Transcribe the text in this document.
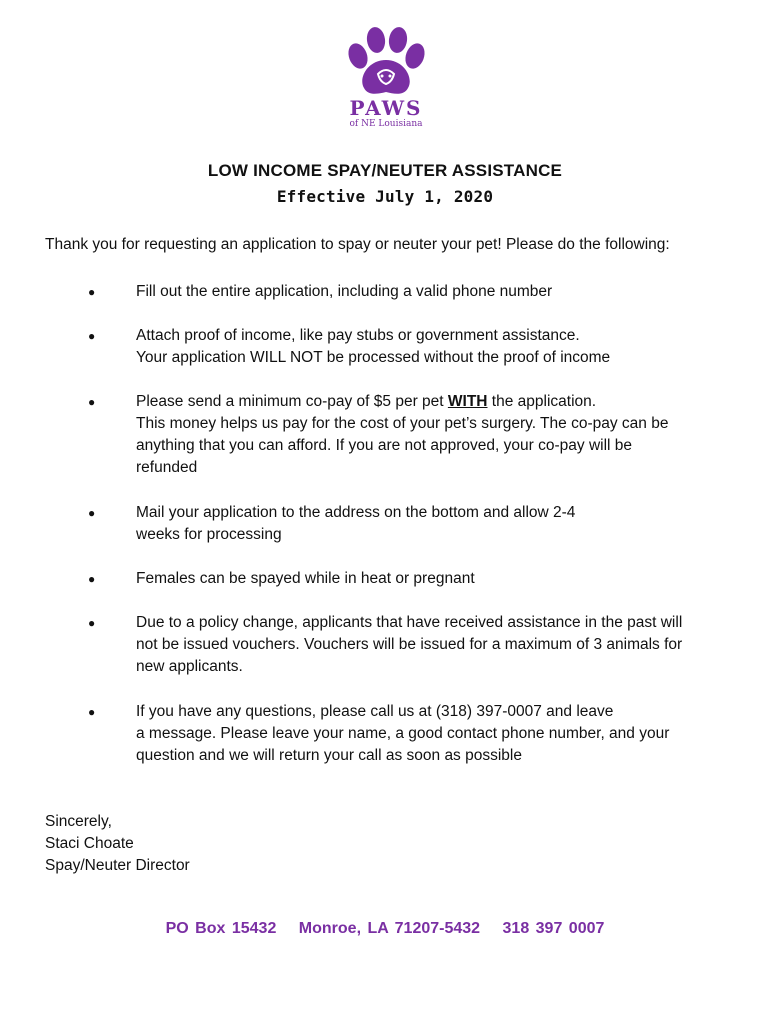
PAWS
of NE Louisiana
LOW INCOME SPAY/NEUTER ASSISTANCE
Effective July 1, 2020
Thank you for requesting an application to spay or neuter your pet! Please do the following:
●	Fill out the entire application, including a valid phone number
●	Attach proof of income, like pay stubs or government assistance.
Your application WILL NOT be processed without the proof of income
●	Please send a minimum co-pay of $5 per pet WITH the application.
This money helps us pay for the cost of your pet’s surgery. The co-pay can be
anything that you can afford. If you are not approved, your co-pay will be
refunded
●	Mail your application to the address on the bottom and allow 2-4
weeks for processing
●	Females can be spayed while in heat or pregnant
●	Due to a policy change, applicants that have received assistance in the past will
not be issued vouchers. Vouchers will be issued for a maximum of 3 animals for
new applicants.
●	If you have any questions, please call us at (318) 397-0007 and leave
a message. Please leave your name, a good contact phone number, and your
question and we will return your call as soon as possible
Sincerely,
Staci Choate
Spay/Neuter Director
PO Box 15432 Monroe, LA 71207-5432 318 397 0007
